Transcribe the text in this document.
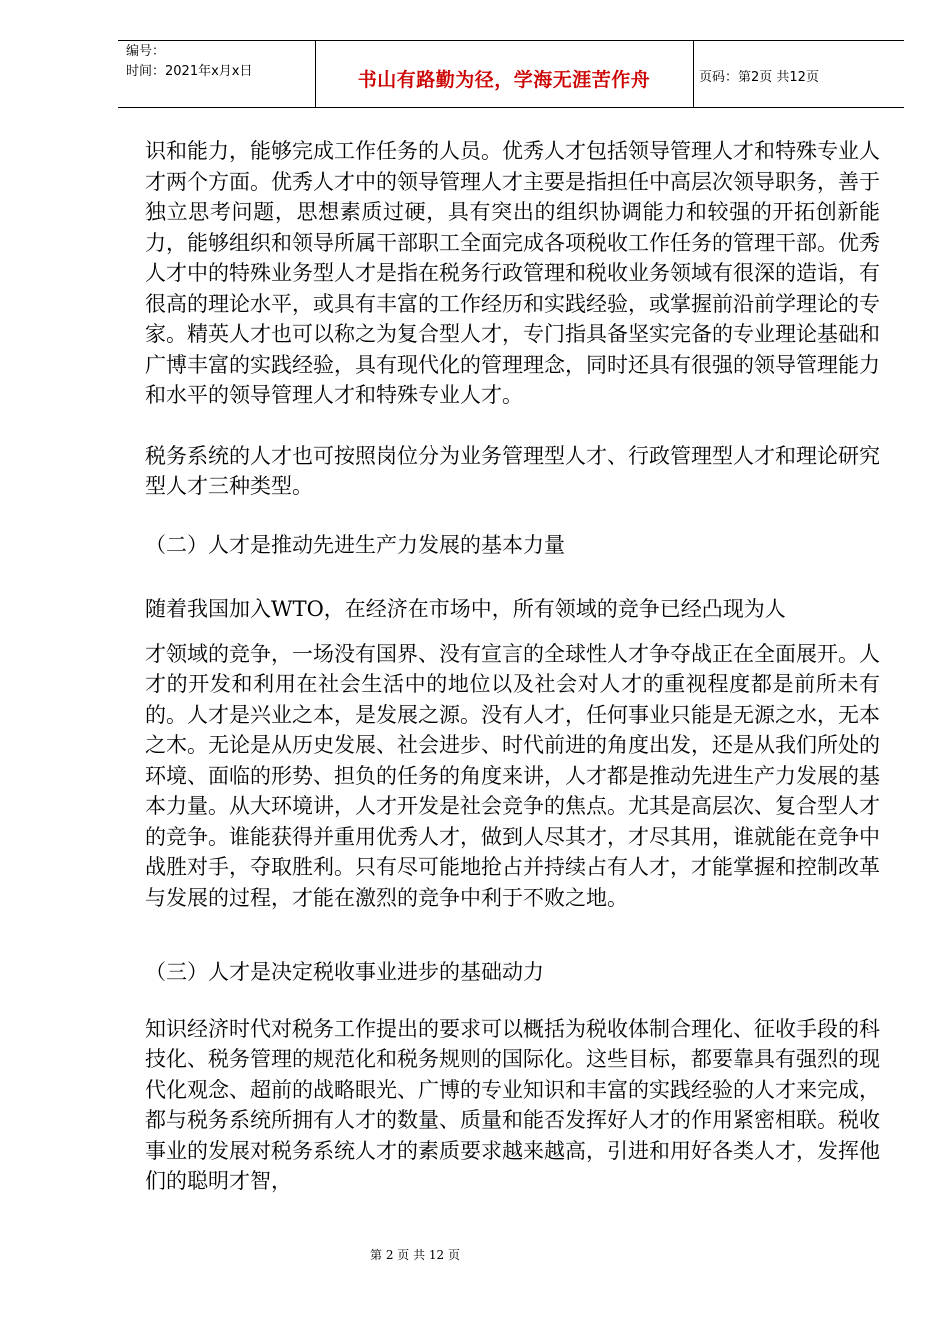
编号：
时间：2021年x月x日	书山有路勤为径，学海无涯苦作舟	页码：第2页 共12页

识和能力，能够完成工作任务的人员。优秀人才包括领导管理人才和特殊专业人才两个方面。优秀人才中的领导管理人才主要是指担任中高层次领导职务，善于独立思考问题，思想素质过硬，具有突出的组织协调能力和较强的开拓创新能力，能够组织和领导所属干部职工全面完成各项税收工作任务的管理干部。优秀人才中的特殊业务型人才是指在税务行政管理和税收业务领域有很深的造诣，有很高的理论水平，或具有丰富的工作经历和实践经验，或掌握前沿前学理论的专家。精英人才也可以称之为复合型人才，专门指具备坚实完备的专业理论基础和广博丰富的实践经验，具有现代化的管理理念，同时还具有很强的领导管理能力和水平的领导管理人才和特殊专业人才。

税务系统的人才也可按照岗位分为业务管理型人才、行政管理型人才和理论研究型人才三种类型。

（二）人才是推动先进生产力发展的基本力量

随着我国加入WTO，在经济在市场中，所有领域的竞争已经凸现为人

才领域的竞争，一场没有国界、没有宣言的全球性人才争夺战正在全面展开。人才的开发和利用在社会生活中的地位以及社会对人才的重视程度都是前所未有的。人才是兴业之本，是发展之源。没有人才，任何事业只能是无源之水，无本之木。无论是从历史发展、社会进步、时代前进的角度出发，还是从我们所处的环境、面临的形势、担负的任务的角度来讲，人才都是推动先进生产力发展的基本力量。从大环境讲，人才开发是社会竞争的焦点。尤其是高层次、复合型人才的竞争。谁能获得并重用优秀人才，做到人尽其才，才尽其用，谁就能在竞争中战胜对手，夺取胜利。只有尽可能地抢占并持续占有人才，才能掌握和控制改革与发展的过程，才能在激烈的竞争中利于不败之地。

（三）人才是决定税收事业进步的基础动力

知识经济时代对税务工作提出的要求可以概括为税收体制合理化、征收手段的科技化、税务管理的规范化和税务规则的国际化。这些目标，都要靠具有强烈的现代化观念、超前的战略眼光、广博的专业知识和丰富的实践经验的人才来完成，都与税务系统所拥有人才的数量、质量和能否发挥好人才的作用紧密相联。税收事业的发展对税务系统人才的素质要求越来越高，引进和用好各类人才，发挥他们的聪明才智，

第 2 页 共 12 页
